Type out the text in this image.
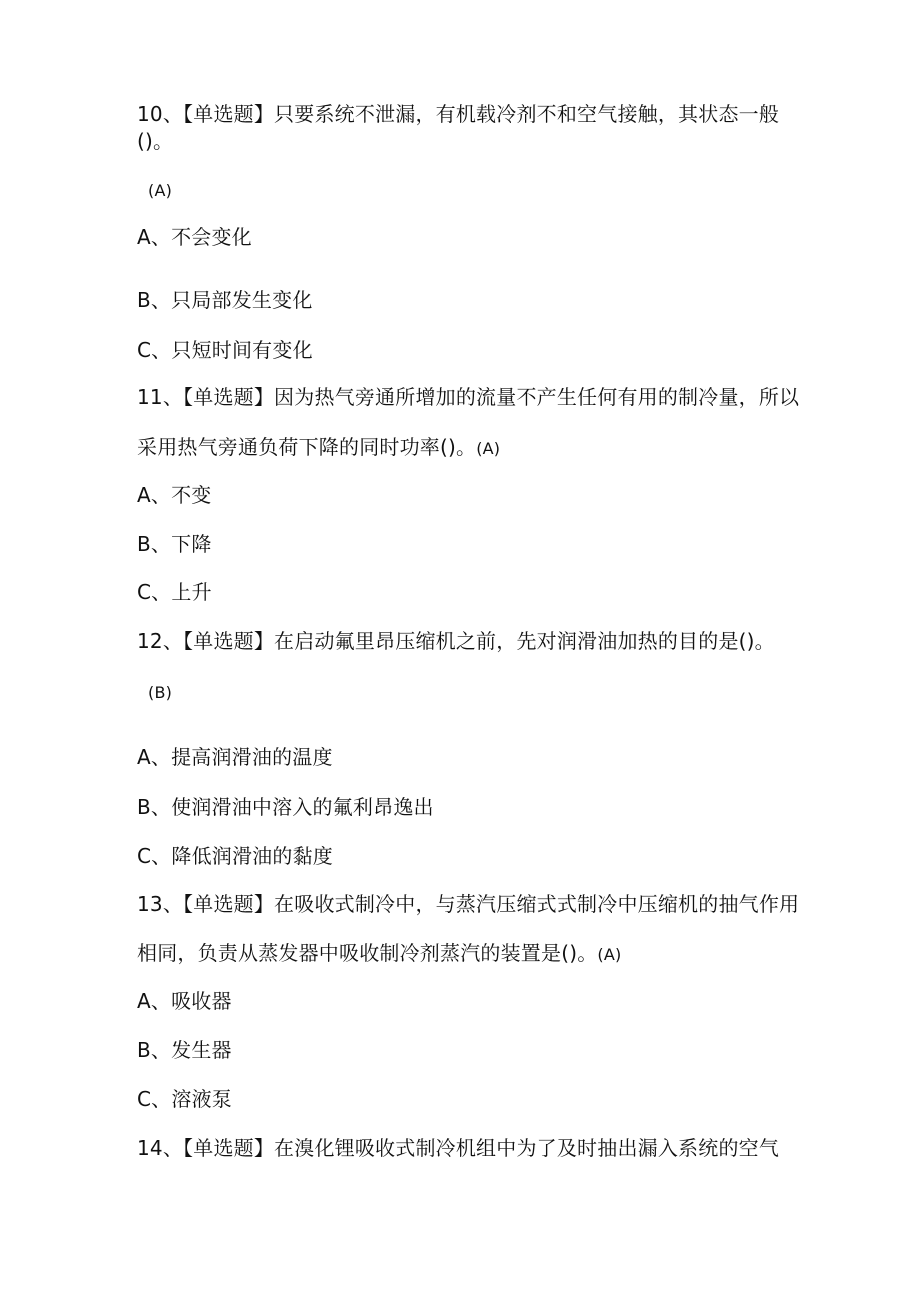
10、【单选题】只要系统不泄漏，有机载冷剂不和空气接触，其状态一般
()。
(A)
A、不会变化
B、只局部发生变化
C、只短时间有变化
11、【单选题】因为热气旁通所增加的流量不产生任何有用的制冷量，所以
采用热气旁通负荷下降的同时功率()。(A)
A、不变
B、下降
C、上升
12、【单选题】在启动氟里昂压缩机之前，先对润滑油加热的目的是()。
(B)
A、提高润滑油的温度
B、使润滑油中溶入的氟利昂逸出
C、降低润滑油的黏度
13、【单选题】在吸收式制冷中，与蒸汽压缩式式制冷中压缩机的抽气作用
相同，负责从蒸发器中吸收制冷剂蒸汽的装置是()。(A)
A、吸收器
B、发生器
C、溶液泵
14、【单选题】在溴化锂吸收式制冷机组中为了及时抽出漏入系统的空气
